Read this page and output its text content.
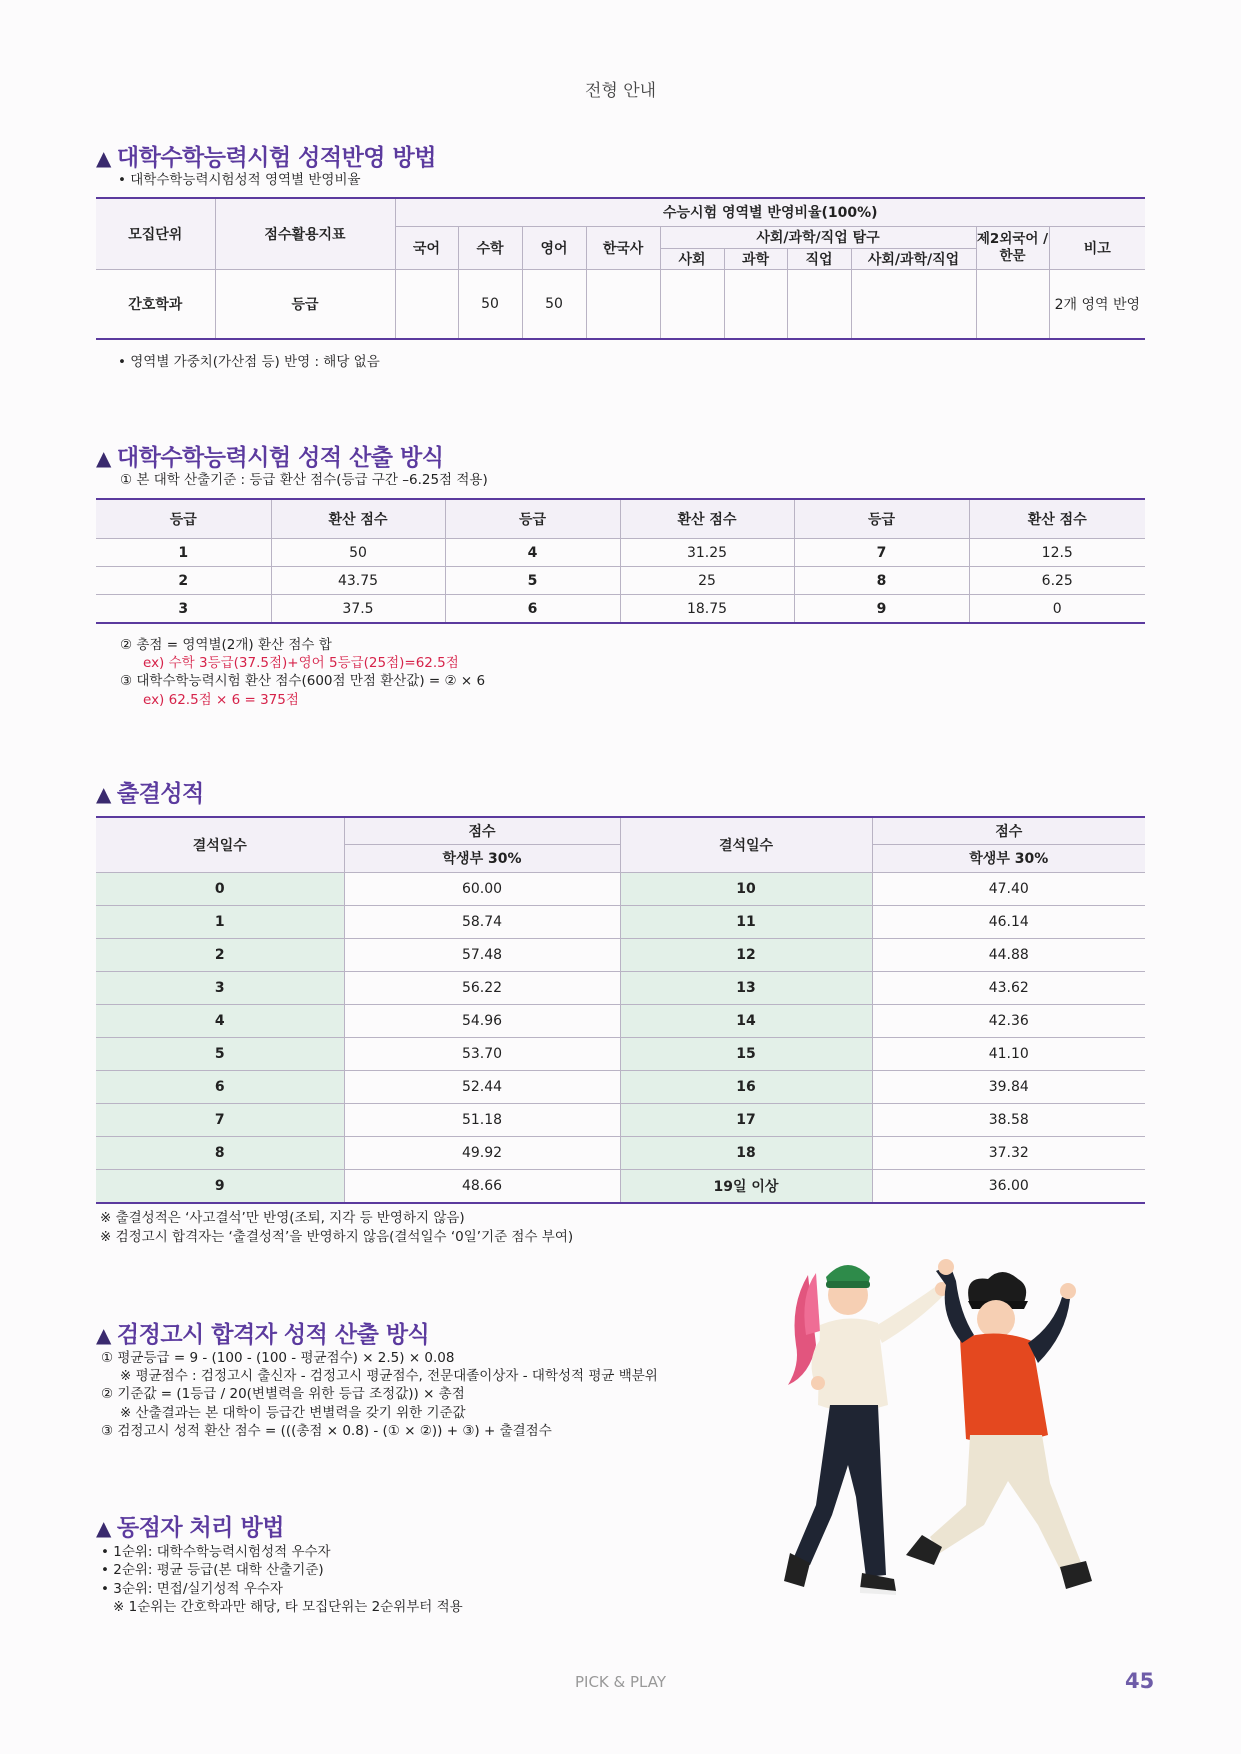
전형 안내
▲ 대학수학능력시험 성적반영 방법
• 대학수학능력시험성적 영역별 반영비율
모집단위	점수활용지표	수능시험 영역별 반영비율(100%)									
		국어	수학	영어	한국사	사회/과학/직업 탐구				제2외국어 / 한문	비고
						사회	과학	직업	사회/과학/직업		
간호학과	등급		50	50							2개 영역 반영
• 영역별 가중치(가산점 등) 반영 : 해당 없음
▲ 대학수학능력시험 성적 산출 방식
① 본 대학 산출기준 : 등급 환산 점수(등급 구간 –6.25점 적용)
등급	환산 점수	등급	환산 점수	등급	환산 점수
1	50	4	31.25	7	12.5
2	43.75	5	25	8	6.25
3	37.5	6	18.75	9	0
② 총점 = 영역별(2개) 환산 점수 합
ex) 수학 3등급(37.5점)+영어 5등급(25점)=62.5점
③ 대학수학능력시험 환산 점수(600점 만점 환산값) = ② × 6
ex) 62.5점 × 6 = 375점
▲ 출결성적
결석일수	점수	결석일수	점수
	학생부 30%		학생부 30%
0	60.00	10	47.40
1	58.74	11	46.14
2	57.48	12	44.88
3	56.22	13	43.62
4	54.96	14	42.36
5	53.70	15	41.10
6	52.44	16	39.84
7	51.18	17	38.58
8	49.92	18	37.32
9	48.66	19일 이상	36.00
※ 출결성적은 ‘사고결석’만 반영(조퇴, 지각 등 반영하지 않음)
※ 검정고시 합격자는 ‘출결성적’을 반영하지 않음(결석일수 ‘0일’기준 점수 부여)
▲ 검정고시 합격자 성적 산출 방식
① 평균등급 = 9 - (100 - (100 - 평균점수) × 2.5) × 0.08
※ 평균점수 : 검정고시 출신자 - 검정고시 평균점수, 전문대졸이상자 - 대학성적 평균 백분위
② 기준값 = (1등급 / 20(변별력을 위한 등급 조정값)) × 총점
※ 산출결과는 본 대학이 등급간 변별력을 갖기 위한 기준값
③ 검정고시 성적 환산 점수 = (((총점 × 0.8) - (① × ②)) + ③) + 출결점수
▲ 동점자 처리 방법
• 1순위: 대학수학능력시험성적 우수자
• 2순위: 평균 등급(본 대학 산출기준)
• 3순위: 면접/실기성적 우수자
※ 1순위는 간호학과만 해당, 타 모집단위는 2순위부터 적용
PICK & PLAY	45
